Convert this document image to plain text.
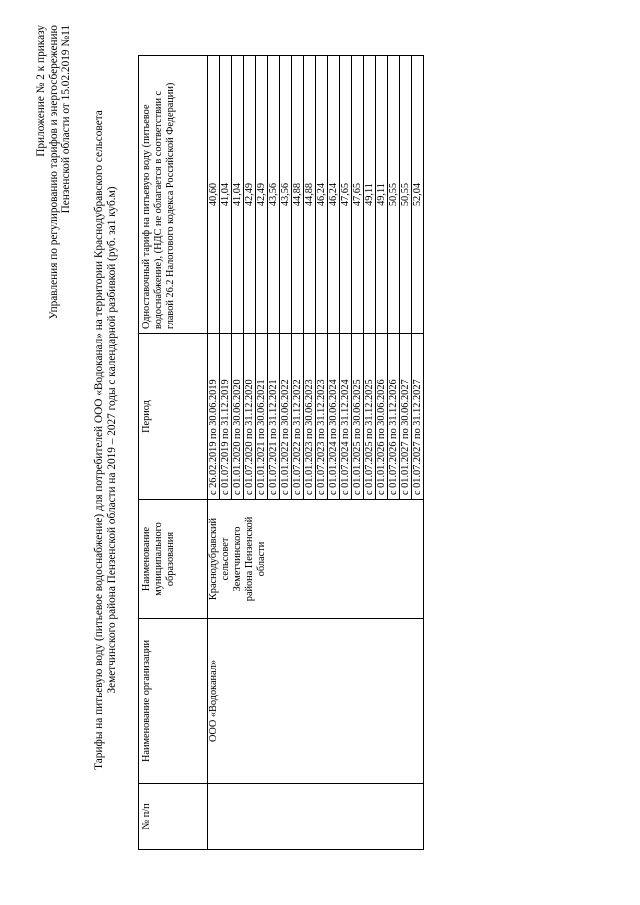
Приложение № 2 к приказу Управления по регулированию тарифов и энергосбережению Пензенской области от 15.02.2019 №11 Тарифы на питьевую воду (питьевое водоснабжение) для потребителей ООО «Водоканал» на территории Краснодубравского сельсовета Земетчинского района Пензенской области на 2019 – 2027 годы с календарной разбивкой (руб. за1 куб.м)
№ п/п	Наименование организации	Наименование муниципального образования	Период	Одноставочный тариф на питьевую воду (питьевое водоснабжение), (НДС не облагается в соответствии с главой 26.2 Налогового кодекса Российской Федерации)
	ООО «Водоканал»	Краснодубравский сельсовет Земетчинского района Пензенской области	с 26.02.2019 по 30.06.2019	40,60
			с 01.07.2019 по 31.12.2019	41,04
			с 01.01.2020 по 30.06.2020	41,04
			с 01.07.2020 по 31.12.2020	42,49
			с 01.01.2021 по 30.06.2021	42,49
			с 01.07.2021 по 31.12.2021	43,56
			с 01.01.2022 по 30.06.2022	43,56
			с 01.07.2022 по 31.12.2022	44,88
			с 01.01.2023 по 30.06.2023	44,88
			с 01.07.2023 по 31.12.2023	46,24
			с 01.01.2024 по 30.06.2024	46,24
			с 01.07.2024 по 31.12.2024	47,65
			с 01.01.2025 по 30.06.2025	47,65
			с 01.07.2025 по 31.12.2025	49,11
			с 01.01.2026 по 30.06.2026	49,11
			с 01.07.2026 по 31.12.2026	50,55
			с 01.01.2027 по 30.06.2027	50,55
			с 01.07.2027 по 31.12.2027	52,04
